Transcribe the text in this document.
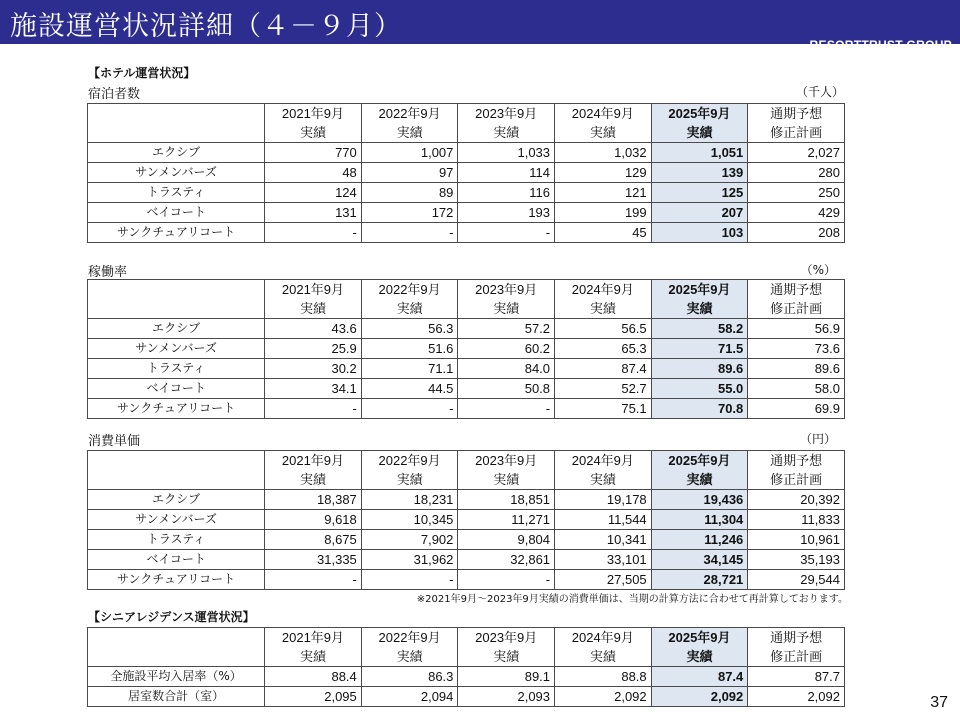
施設運営状況詳細（４－９月）
RESORTTRUST GROUP
【ホテル運営状況】
宿泊者数	（千人）
	2021年9月	2022年9月	2023年9月	2024年9月	2025年9月	通期予想
	実績	実績	実績	実績	実績	修正計画
エクシブ	770	1,007	1,033	1,032	1,051	2,027
サンメンバーズ	48	97	114	129	139	280
トラスティ	124	89	116	121	125	250
ベイコート	131	172	193	199	207	429
サンクチュアリコート	-	-	-	45	103	208
稼働率	（%）
	2021年9月	2022年9月	2023年9月	2024年9月	2025年9月	通期予想
	実績	実績	実績	実績	実績	修正計画
エクシブ	43.6	56.3	57.2	56.5	58.2	56.9
サンメンバーズ	25.9	51.6	60.2	65.3	71.5	73.6
トラスティ	30.2	71.1	84.0	87.4	89.6	89.6
ベイコート	34.1	44.5	50.8	52.7	55.0	58.0
サンクチュアリコート	-	-	-	75.1	70.8	69.9
消費単価	（円）
	2021年9月	2022年9月	2023年9月	2024年9月	2025年9月	通期予想
	実績	実績	実績	実績	実績	修正計画
エクシブ	18,387	18,231	18,851	19,178	19,436	20,392
サンメンバーズ	9,618	10,345	11,271	11,544	11,304	11,833
トラスティ	8,675	7,902	9,804	10,341	11,246	10,961
ベイコート	31,335	31,962	32,861	33,101	34,145	35,193
サンクチュアリコート	-	-	-	27,505	28,721	29,544
※2021年9月～2023年9月実績の消費単価は、当期の計算方法に合わせて再計算しております。
【シニアレジデンス運営状況】
	2021年9月	2022年9月	2023年9月	2024年9月	2025年9月	通期予想
	実績	実績	実績	実績	実績	修正計画
全施設平均入居率（%）	88.4	86.3	89.1	88.8	87.4	87.7
居室数合計（室）	2,095	2,094	2,093	2,092	2,092	2,092	37
